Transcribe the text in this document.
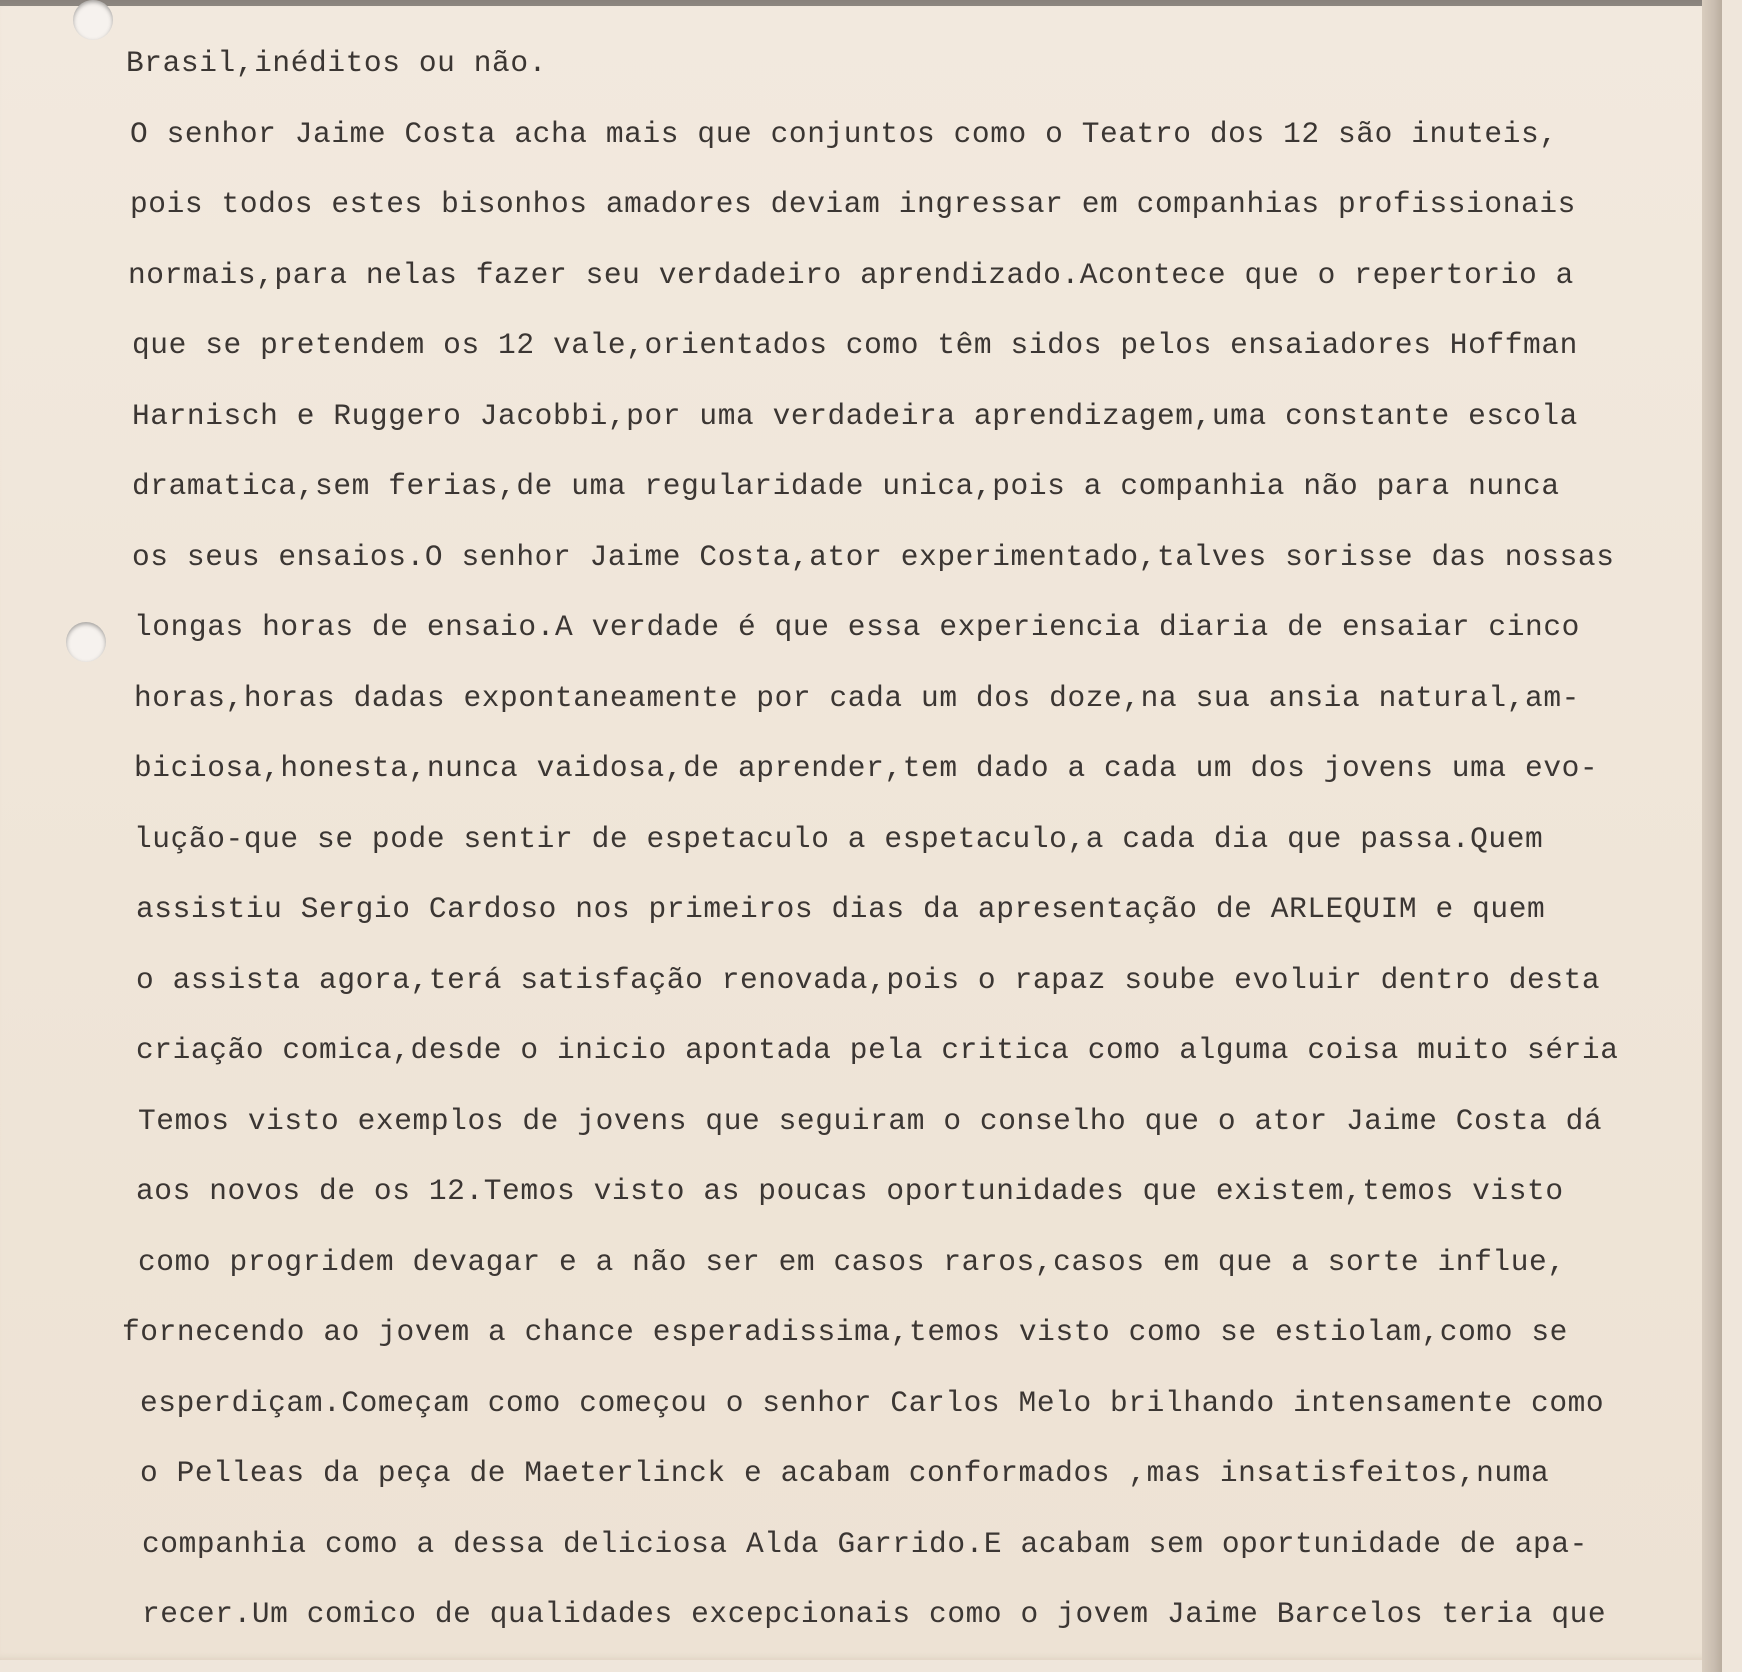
Brasil,inéditos ou não.
O senhor Jaime Costa acha mais que conjuntos como o Teatro dos 12 são inuteis,
pois todos estes bisonhos amadores deviam ingressar em companhias profissionais
normais,para nelas fazer seu verdadeiro aprendizado.Acontece que o repertorio a
que se pretendem os 12 vale,orientados como têm sidos pelos ensaiadores Hoffman
Harnisch e Ruggero Jacobbi,por uma verdadeira aprendizagem,uma constante escola
dramatica,sem ferias,de uma regularidade unica,pois a companhia não para nunca
os seus ensaios.O senhor Jaime Costa,ator experimentado,talves sorisse das nossas
longas horas de ensaio.A verdade é que essa experiencia diaria de ensaiar cinco
horas,horas dadas expontaneamente por cada um dos doze,na sua ansia natural,am-
biciosa,honesta,nunca vaidosa,de aprender,tem dado a cada um dos jovens uma evo-
lução-que se pode sentir de espetaculo a espetaculo,a cada dia que passa.Quem
assistiu Sergio Cardoso nos primeiros dias da apresentação de ARLEQUIM e quem
o assista agora,terá satisfação renovada,pois o rapaz soube evoluir dentro desta
criação comica,desde o inicio apontada pela critica como alguma coisa muito séria
Temos visto exemplos de jovens que seguiram o conselho que o ator Jaime Costa dá
aos novos de os 12.Temos visto as poucas oportunidades que existem,temos visto
como progridem devagar e a não ser em casos raros,casos em que a sorte influe,
fornecendo ao jovem a chance esperadissima,temos visto como se estiolam,como se
esperdiçam.Começam como começou o senhor Carlos Melo brilhando intensamente como
o Pelleas da peça de Maeterlinck e acabam conformados ,mas insatisfeitos,numa
companhia como a dessa deliciosa Alda Garrido.E acabam sem oportunidade de apa-
recer.Um comico de qualidades excepcionais como o jovem Jaime Barcelos teria que
